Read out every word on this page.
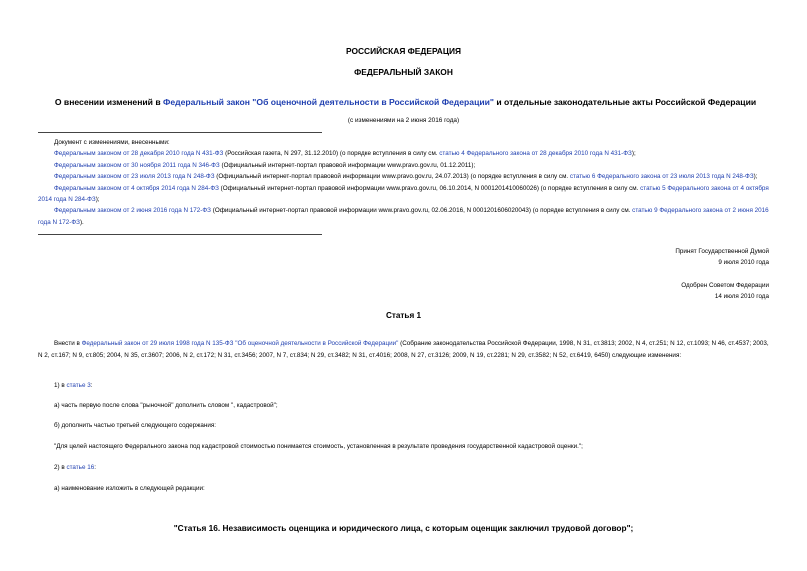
РОССИЙСКАЯ ФЕДЕРАЦИЯ
ФЕДЕРАЛЬНЫЙ ЗАКОН
О внесении изменений в Федеральный закон "Об оценочной деятельности в Российской Федерации" и отдельные законодательные акты Российской Федерации
(с изменениями на 2 июня 2016 года)
Документ с изменениями, внесенными:
Федеральным законом от 28 декабря 2010 года N 431-ФЗ (Российская газета, N 297, 31.12.2010) (о порядке вступления в силу см. статью 4 Федерального закона от 28 декабря 2010 года N 431-ФЗ);
Федеральным законом от 30 ноября 2011 года N 346-ФЗ (Официальный интернет-портал правовой информации www.pravo.gov.ru, 01.12.2011);
Федеральным законом от 23 июля 2013 года N 248-ФЗ (Официальный интернет-портал правовой информации www.pravo.gov.ru, 24.07.2013) (о порядке вступления в силу см. статью 6 Федерального закона от 23 июля 2013 года N 248-ФЗ);
Федеральным законом от 4 октября 2014 года N 284-ФЗ (Официальный интернет-портал правовой информации www.pravo.gov.ru, 06.10.2014, N 0001201410060026) (о порядке вступления в силу см. статью 5 Федерального закона от 4 октября 2014 года N 284-ФЗ);
Федеральным законом от 2 июня 2016 года N 172-ФЗ (Официальный интернет-портал правовой информации www.pravo.gov.ru, 02.06.2016, N 0001201606020043) (о порядке вступления в силу см. статью 9 Федерального закона от 2 июня 2016 года N 172-ФЗ).
Принят Государственной Думой
9 июля 2010 года
Одобрен Советом Федерации
14 июля 2010 года
Статья 1
Внести в Федеральный закон от 29 июля 1998 года N 135-ФЗ "Об оценочной деятельности в Российской Федерации" (Собрание законодательства Российской Федерации, 1998, N 31, ст.3813; 2002, N 4, ст.251; N 12, ст.1093; N 46, ст.4537; 2003, N 2, ст.167; N 9, ст.805; 2004, N 35, ст.3607; 2006, N 2, ст.172; N 31, ст.3456; 2007, N 7, ст.834; N 29, ст.3482; N 31, ст.4016; 2008, N 27, ст.3126; 2009, N 19, ст.2281; N 29, ст.3582; N 52, ст.6419, 6450) следующие изменения:
1) в статье 3:
а) часть первую после слова "рыночной" дополнить словом ", кадастровой";
б) дополнить частью третьей следующего содержания:
"Для целей настоящего Федерального закона под кадастровой стоимостью понимается стоимость, установленная в результате проведения государственной кадастровой оценки.";
2) в статье 16:
а) наименование изложить в следующей редакции:
"Статья 16. Независимость оценщика и юридического лица, с которым оценщик заключил трудовой договор";
